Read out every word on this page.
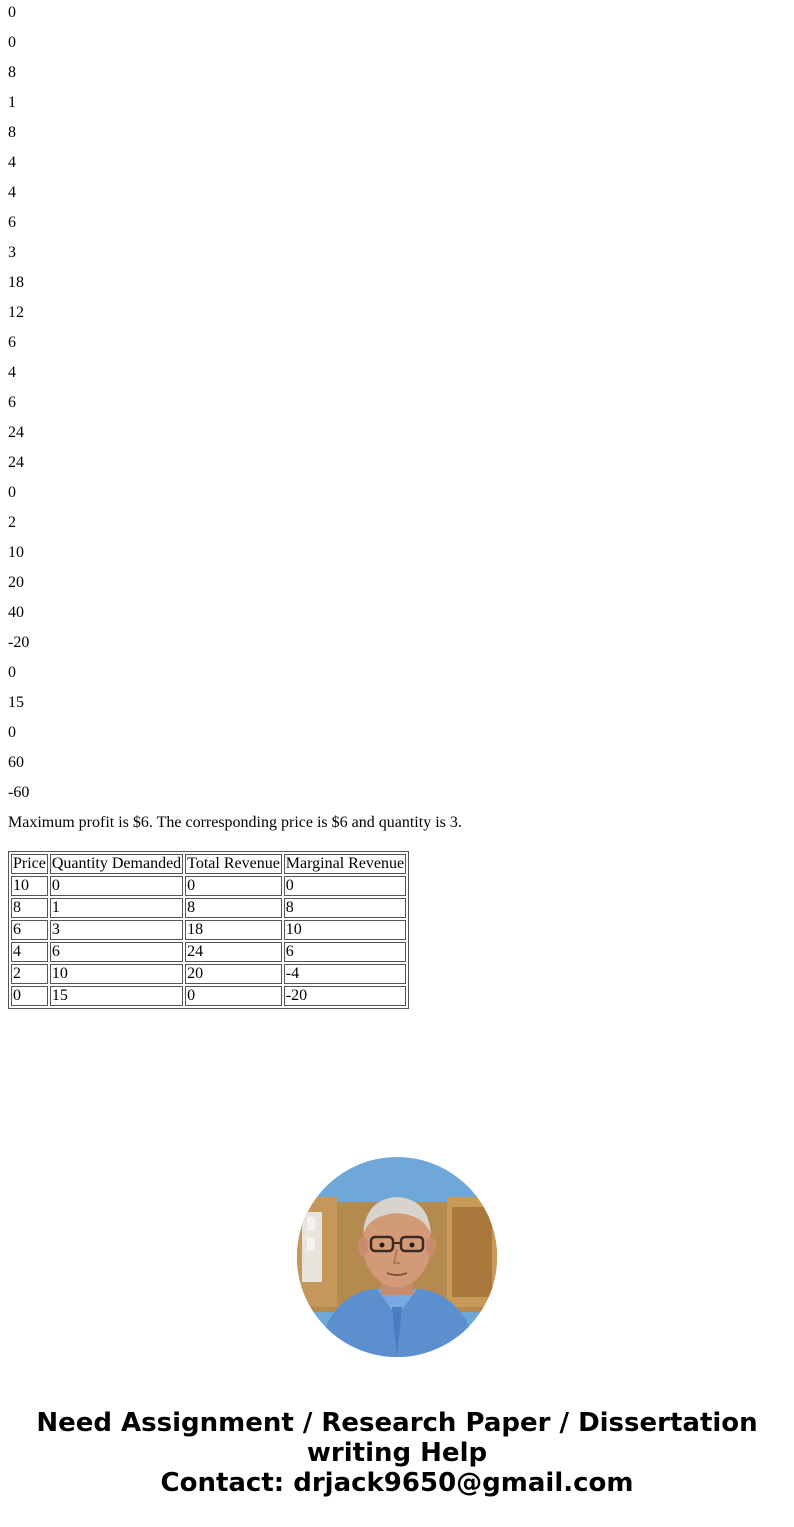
0

0

8

1

8

4

4

6

3

18

12

6

4

6

24

24

0

2

10

20

40

-20

0

15

0

60

-60

Maximum profit is $6. The corresponding price is $6 and quantity is 3.

Price	Quantity Demanded	Total Revenue	Marginal Revenue
10	0	0	0
8	1	8	8
6	3	18	10
4	6	24	6
2	10	20	-4
0	15	0	-20
Need Assignment / Research Paper / Dissertation
writing Help
Contact: drjack9650@gmail.com
